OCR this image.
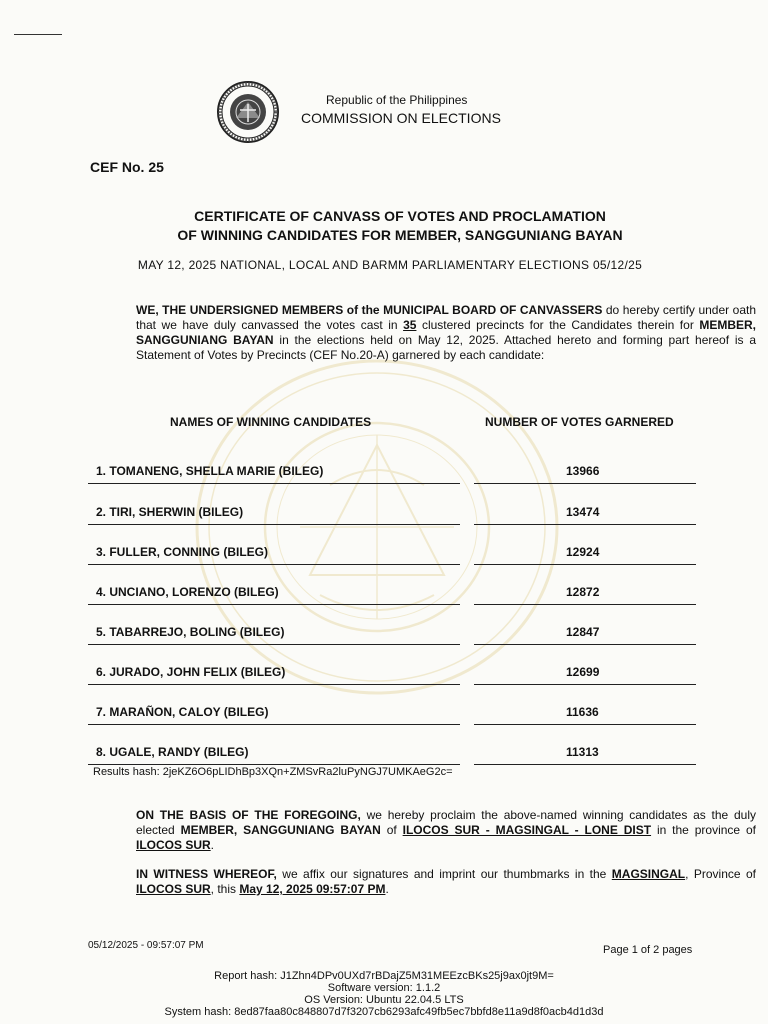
Republic of the Philippines
COMMISSION ON ELECTIONS
CEF No. 25
CERTIFICATE OF CANVASS OF VOTES AND PROCLAMATION
OF WINNING CANDIDATES FOR MEMBER, SANGGUNIANG BAYAN
MAY 12, 2025 NATIONAL, LOCAL AND BARMM PARLIAMENTARY ELECTIONS 05/12/25
WE, THE UNDERSIGNED MEMBERS of the MUNICIPAL BOARD OF CANVASSERS do hereby certify under oath that we have duly canvassed the votes cast in 35 clustered precincts for the Candidates therein for MEMBER, SANGGUNIANG BAYAN in the elections held on May 12, 2025. Attached hereto and forming part hereof is a Statement of Votes by Precincts (CEF No.20-A) garnered by each candidate:
NAMES OF WINNING CANDIDATES	NUMBER OF VOTES GARNERED
1. TOMANENG, SHELLA MARIE (BILEG)	13966
2. TIRI, SHERWIN (BILEG)	13474
3. FULLER, CONNING (BILEG)	12924
4. UNCIANO, LORENZO (BILEG)	12872
5. TABARREJO, BOLING (BILEG)	12847
6. JURADO, JOHN FELIX (BILEG)	12699
7. MARAÑON, CALOY (BILEG)	11636
8. UGALE, RANDY (BILEG)	11313
Results hash: 2jeKZ6O6pLIDhBp3XQn+ZMSvRa2luPyNGJ7UMKAeG2c=
ON THE BASIS OF THE FOREGOING, we hereby proclaim the above-named winning candidates as the duly elected MEMBER, SANGGUNIANG BAYAN of ILOCOS SUR - MAGSINGAL - LONE DIST in the province of ILOCOS SUR.
IN WITNESS WHEREOF, we affix our signatures and imprint our thumbmarks in the MAGSINGAL, Province of ILOCOS SUR, this May 12, 2025 09:57:07 PM.
05/12/2025 - 09:57:07 PM	Page 1 of 2 pages
Report hash: J1Zhn4DPv0UXd7rBDajZ5M31MEEzcBKs25j9ax0jt9M=
Software version: 1.1.2
OS Version: Ubuntu 22.04.5 LTS
System hash: 8ed87faa80c848807d7f3207cb6293afc49fb5ec7bbfd8e11a9d8f0acb4d1d3d
